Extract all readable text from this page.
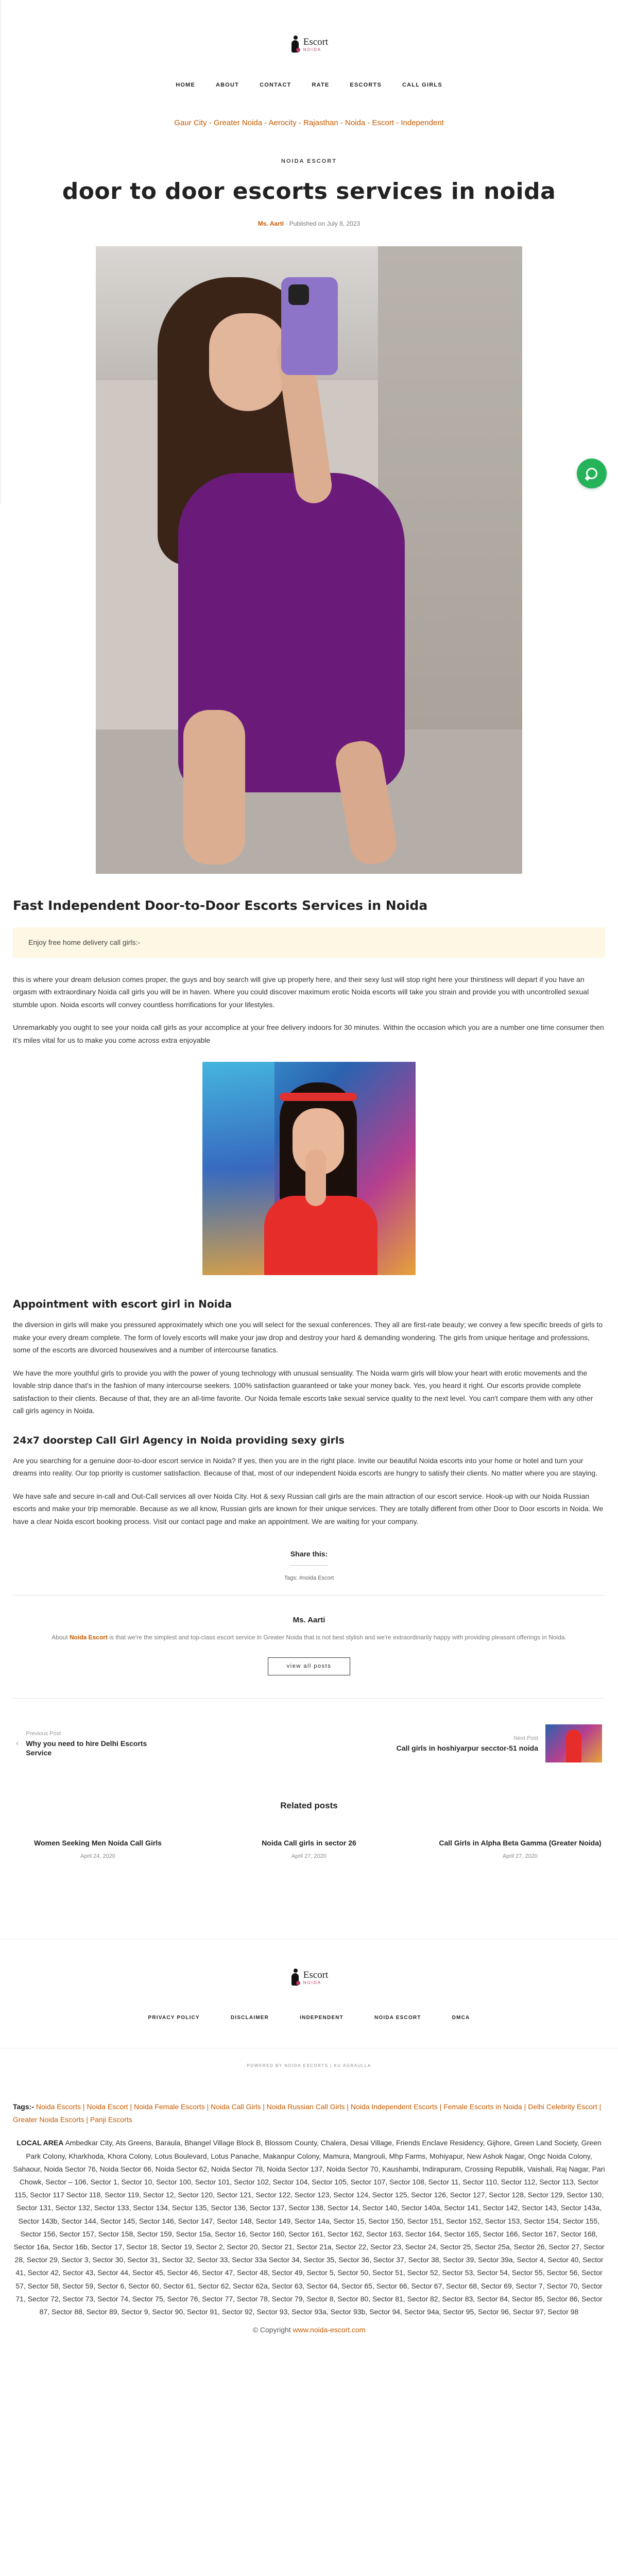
Escort
NOIDA
HOME	ABOUT	CONTACT	RATE	ESCORTS	CALL GIRLS
Gaur City - Greater Noida - Aerocity - Rajasthan - Noida - Escort - Independent
NOIDA ESCORT
door to door escorts services in noida
Ms. Aarti · Published on July 8, 2023
Fast Independent Door-to-Door Escorts Services in Noida
Enjoy free home delivery call girls:-

this is where your dream delusion comes proper, the guys and boy search will give up properly here, and their sexy lust will stop right here your thirstiness will depart if you have an orgasm with extraordinary Noida call girls you will be in haven. Where you could discover maximum erotic Noida escorts will take you strain and provide you with uncontrolled sexual stumble upon. Noida escorts will convey countless horrifications for your lifestyles.

Unremarkably you ought to see your noida call girls as your accomplice at your free delivery indoors for 30 minutes. Within the occasion which you are a number one time consumer then it's miles vital for us to make you come across extra enjoyable

Appointment with escort girl in Noida

the diversion in girls will make you pressured approximately which one you will select for the sexual conferences. They all are first-rate beauty; we convey a few specific breeds of girls to make your every dream complete. The form of lovely escorts will make your jaw drop and destroy your hard & demanding wondering. The girls from unique heritage and professions, some of the escorts are divorced housewives and a number of intercourse fanatics.

We have the more youthful girls to provide you with the power of young technology with unusual sensuality. The Noida warm girls will blow your heart with erotic movements and the lovable strip dance that's in the fashion of many intercourse seekers. 100% satisfaction guaranteed or take your money back. Yes, you heard it right. Our escorts provide complete satisfaction to their clients. Because of that, they are an all-time favorite. Our Noida female escorts take sexual service quality to the next level. You can't compare them with any other call girls agency in Noida.

24x7 doorstep Call Girl Agency in Noida providing sexy girls

Are you searching for a genuine door-to-door escort service in Noida? If yes, then you are in the right place. Invite our beautiful Noida escorts into your home or hotel and turn your dreams into reality. Our top priority is customer satisfaction. Because of that, most of our independent Noida escorts are hungry to satisfy their clients. No matter where you are staying.

We have safe and secure in-call and Out-Call services all over Noida City. Hot & sexy Russian call girls are the main attraction of our escort service. Hook-up with our Noida Russian escorts and make your trip memorable. Because as we all know, Russian girls are known for their unique services. They are totally different from other Door to Door escorts in Noida. We have a clear Noida escort booking process. Visit our contact page and make an appointment. We are waiting for your company.

Share this:
Tags: #noida Escort
Ms. Aarti
About Noida Escort is that we're the simplest and top-class escort service in Greater Noida that is not best stylish and we're extraordinarily happy with providing pleasant offerings in Noida.
view all posts
‹
Previous Post
Why you need to hire Delhi Escorts Service
Next Post
Call girls in hoshiyarpur secctor-51 noida
Related posts
Women Seeking Men Noida Call Girls
April 24, 2020
Noida Call girls in sector 26
April 27, 2020
Call Girls in Alpha Beta Gamma (Greater Noida)
April 27, 2020
Escort
NOIDA
PRIVACY POLICY	DISCLAIMER	INDEPENDENT	NOIDA ESCORT	DMCA
POWERED BY NOIDA ESCORTS | KU AGRAULLA
Tags:- Noida Escorts | Noida Escort | Noida Female Escorts | Noida Call Girls | Noida Russian Call Girls | Noida Independent Escorts | Female Escorts in Noida | Delhi Celebrity Escort | Greater Noida Escorts | Panji Escorts
LOCAL AREA Ambedkar City, Ats Greens, Baraula, Bhangel Village Block B, Blossom County, Chalera, Desai Village, Friends Enclave Residency, Gijhore, Green Land Society, Green Park Colony, Kharkhoda, Khora Colony, Lotus Boulevard, Lotus Panache, Makanpur Colony, Mamura, Mangrouli, Mhp Farms, Mohiyapur, New Ashok Nagar, Ongc Noida Colony, Sahaour, Noida Sector 76, Noida Sector 66, Noida Sector 62, Noida Sector 78, Noida Sector 137, Noida Sector 70, Kaushambi, Indirapuram, Crossing Republik, Vaishali, Raj Nagar, Pari Chowk, Sector – 106, Sector 1, Sector 10, Sector 100, Sector 101, Sector 102, Sector 104, Sector 105, Sector 107, Sector 108, Sector 11, Sector 110, Sector 112, Sector 113, Sector 115, Sector 117 Sector 118, Sector 119, Sector 12, Sector 120, Sector 121, Sector 122, Sector 123, Sector 124, Sector 125, Sector 126, Sector 127, Sector 128, Sector 129, Sector 130, Sector 131, Sector 132, Sector 133, Sector 134, Sector 135, Sector 136, Sector 137, Sector 138, Sector 14, Sector 140, Sector 140a, Sector 141, Sector 142, Sector 143, Sector 143a, Sector 143b, Sector 144, Sector 145, Sector 146, Sector 147, Sector 148, Sector 149, Sector 14a, Sector 15, Sector 150, Sector 151, Sector 152, Sector 153, Sector 154, Sector 155, Sector 156, Sector 157, Sector 158, Sector 159, Sector 15a, Sector 16, Sector 160, Sector 161, Sector 162, Sector 163, Sector 164, Sector 165, Sector 166, Sector 167, Sector 168, Sector 16a, Sector 16b, Sector 17, Sector 18, Sector 19, Sector 2, Sector 20, Sector 21, Sector 21a, Sector 22, Sector 23, Sector 24, Sector 25, Sector 25a, Sector 26, Sector 27, Sector 28, Sector 29, Sector 3, Sector 30, Sector 31, Sector 32, Sector 33, Sector 33a Sector 34, Sector 35, Sector 36, Sector 37, Sector 38, Sector 39, Sector 39a, Sector 4, Sector 40, Sector 41, Sector 42, Sector 43, Sector 44, Sector 45, Sector 46, Sector 47, Sector 48, Sector 49, Sector 5, Sector 50, Sector 51, Sector 52, Sector 53, Sector 54, Sector 55, Sector 56, Sector 57, Sector 58, Sector 59, Sector 6, Sector 60, Sector 61, Sector 62, Sector 62a, Sector 63, Sector 64, Sector 65, Sector 66, Sector 67, Sector 68, Sector 69, Sector 7, Sector 70, Sector 71, Sector 72, Sector 73, Sector 74, Sector 75, Sector 76, Sector 77, Sector 78, Sector 79, Sector 8, Sector 80, Sector 81, Sector 82, Sector 83, Sector 84, Sector 85, Sector 86, Sector 87, Sector 88, Sector 89, Sector 9, Sector 90, Sector 91, Sector 92, Sector 93, Sector 93a, Sector 93b, Sector 94, Sector 94a, Sector 95, Sector 96, Sector 97, Sector 98
© Copyright www.noida-escort.com
